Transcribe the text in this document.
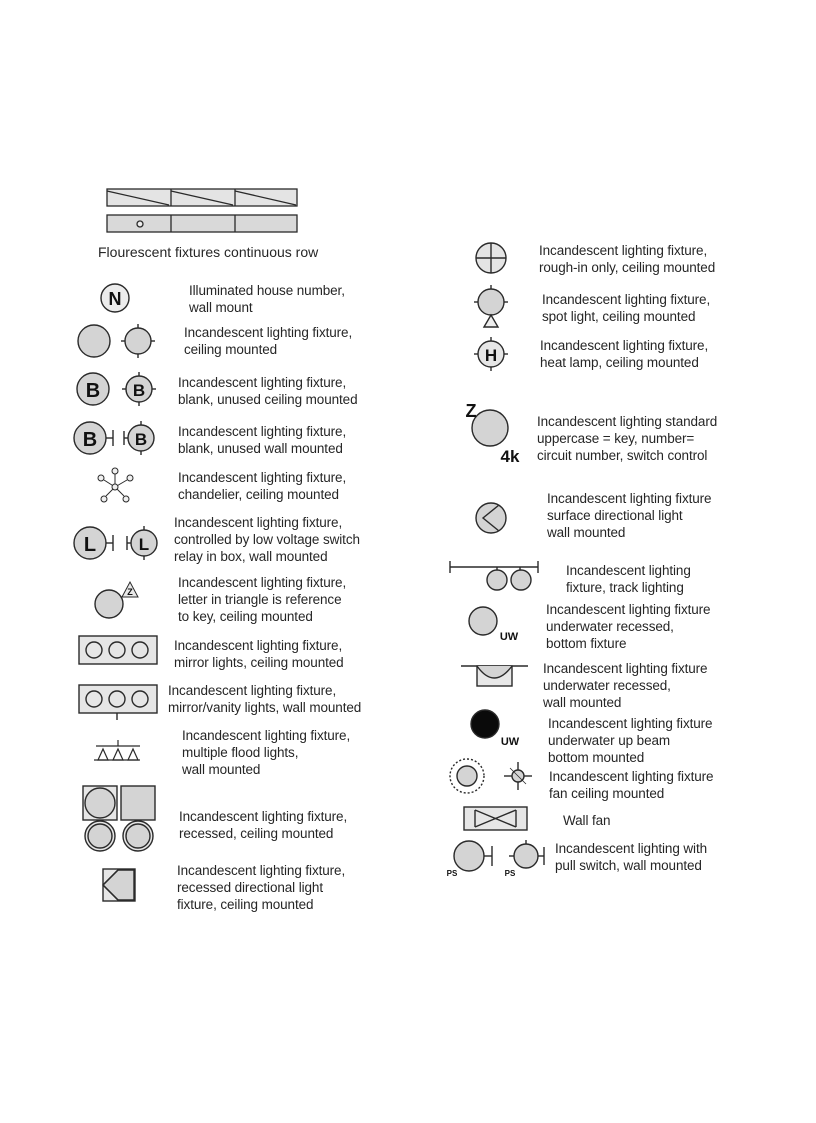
N
B B
B B
L	L
Z
H
Z
4k
UW
UW
PS	PS
Flourescent fixtures continuous row
Illuminated house number,
wall mount
Incandescent lighting fixture,
ceiling mounted
Incandescent lighting fixture,
blank, unused ceiling mounted
Incandescent lighting fixture,
blank, unused wall mounted
Incandescent lighting fixture,
chandelier, ceiling mounted
Incandescent lighting fixture,
controlled by low voltage switch
relay in box, wall mounted
Incandescent lighting fixture,
letter in triangle is reference
to key, ceiling mounted
Incandescent lighting fixture,
mirror lights, ceiling mounted
Incandescent lighting fixture,
mirror/vanity lights, wall mounted
Incandescent lighting fixture,
multiple flood lights,
wall mounted
Incandescent lighting fixture,
recessed, ceiling mounted
Incandescent lighting fixture,
recessed directional light
fixture, ceiling mounted
Incandescent lighting fixture,
rough-in only, ceiling mounted
Incandescent lighting fixture,
spot light, ceiling mounted
Incandescent lighting fixture,
heat lamp, ceiling mounted
Incandescent lighting standard
uppercase = key, number=
circuit number, switch control
Incandescent lighting fixture
surface directional light
wall mounted
Incandescent lighting
fixture, track lighting
Incandescent lighting fixture
underwater recessed,
bottom fixture
Incandescent lighting fixture
underwater recessed,
wall mounted
Incandescent lighting fixture
underwater up beam
bottom mounted
Incandescent lighting fixture
fan ceiling mounted
Wall fan
Incandescent lighting with
pull switch, wall mounted
